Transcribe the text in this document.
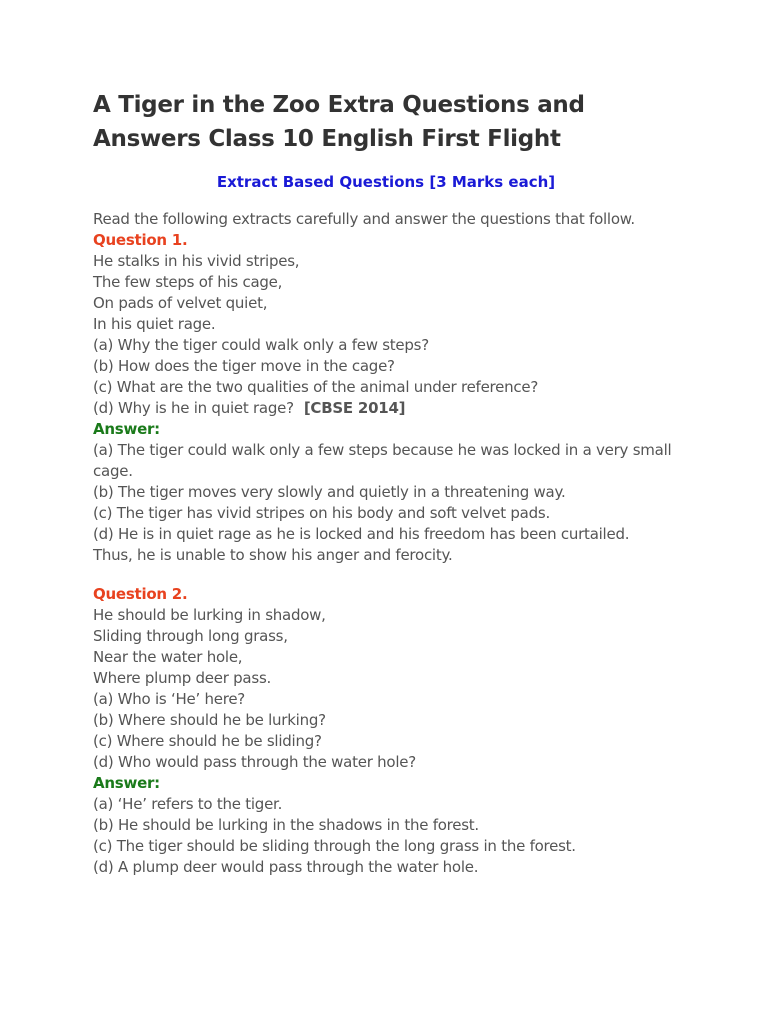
A Tiger in the Zoo Extra Questions and Answers Class 10 English First Flight
Extract Based Questions [3 Marks each]
Read the following extracts carefully and answer the questions that follow.
Question 1.
He stalks in his vivid stripes,
The few steps of his cage,
On pads of velvet quiet,
In his quiet rage.
(a) Why the tiger could walk only a few steps?
(b) How does the tiger move in the cage?
(c) What are the two qualities of the animal under reference?
(d) Why is he in quiet rage? [CBSE 2014]
Answer:
(a) The tiger could walk only a few steps because he was locked in a very small cage.
(b) The tiger moves very slowly and quietly in a threatening way.
(c) The tiger has vivid stripes on his body and soft velvet pads.
(d) He is in quiet rage as he is locked and his freedom has been curtailed.
Thus, he is unable to show his anger and ferocity.
Question 2.
He should be lurking in shadow,
Sliding through long grass,
Near the water hole,
Where plump deer pass.
(a) Who is ‘He’ here?
(b) Where should he be lurking?
(c) Where should he be sliding?
(d) Who would pass through the water hole?
Answer:
(a) ‘He’ refers to the tiger.
(b) He should be lurking in the shadows in the forest.
(c) The tiger should be sliding through the long grass in the forest.
(d) A plump deer would pass through the water hole.
